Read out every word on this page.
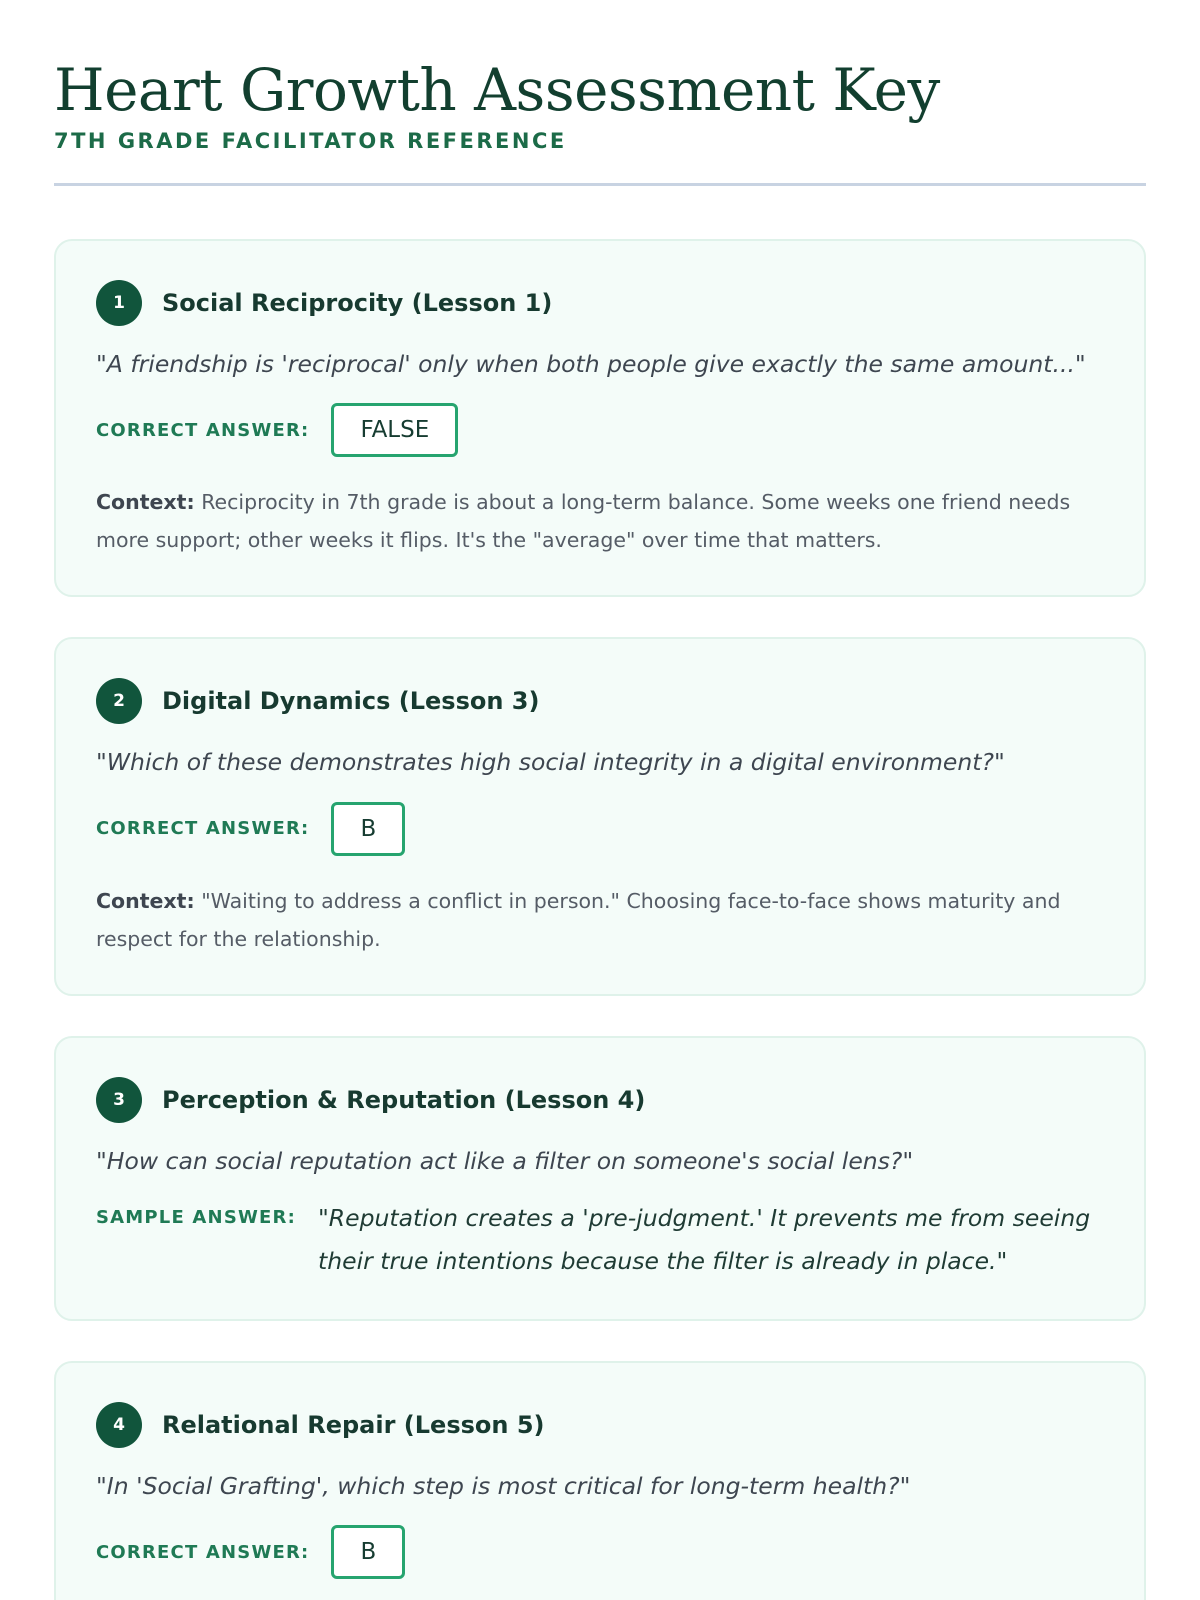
Heart Growth Assessment Key
7TH GRADE FACILITATOR REFERENCE
1	Social Reciprocity (Lesson 1)
"A friendship is 'reciprocal' only when both people give exactly the same amount..."
CORRECT ANSWER:	FALSE
Context: Reciprocity in 7th grade is about a long-term balance. Some weeks one friend needs more support; other weeks it flips. It's the "average" over time that matters.
2	Digital Dynamics (Lesson 3)
"Which of these demonstrates high social integrity in a digital environment?"
CORRECT ANSWER:	B
Context: "Waiting to address a conflict in person." Choosing face-to-face shows maturity and respect for the relationship.
3	Perception & Reputation (Lesson 4)
"How can social reputation act like a filter on someone's social lens?"
SAMPLE ANSWER: "Reputation creates a 'pre-judgment.' It prevents me from seeing their true intentions because the filter is already in place."
4	Relational Repair (Lesson 5)
"In 'Social Grafting', which step is most critical for long-term health?"
CORRECT ANSWER:	B
